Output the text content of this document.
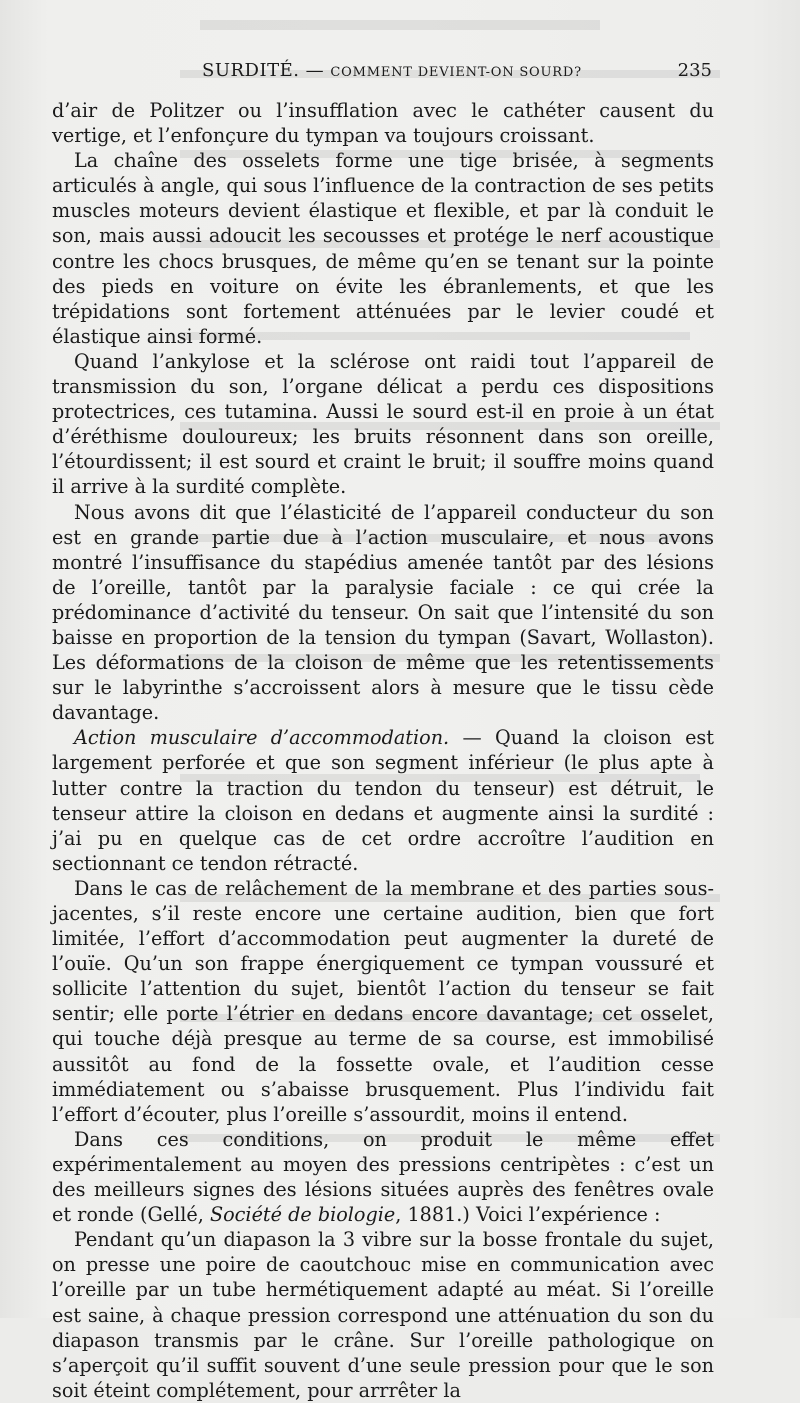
SURDITÉ. — COMMENT DEVIENT-ON SOURD?	235

d’air de Politzer ou l’insufflation avec le cathéter causent du vertige, et l’enfonçure du tympan va toujours croissant.

La chaîne des osselets forme une tige brisée, à segments articulés à angle, qui sous l’influence de la contraction de ses petits muscles moteurs devient élastique et flexible, et par là conduit le son, mais aussi adoucit les secousses et protége le nerf acoustique contre les chocs brusques, de même qu’en se tenant sur la pointe des pieds en voiture on évite les ébranlements, et que les trépidations sont fortement atténuées par le levier coudé et élastique ainsi formé.

Quand l’ankylose et la sclérose ont raidi tout l’appareil de transmission du son, l’organe délicat a perdu ces dispositions protectrices, ces tutamina. Aussi le sourd est-il en proie à un état d’éréthisme douloureux; les bruits résonnent dans son oreille, l’étourdissent; il est sourd et craint le bruit; il souffre moins quand il arrive à la surdité complète.

Nous avons dit que l’élasticité de l’appareil conducteur du son est en grande partie due à l’action musculaire, et nous avons montré l’insuffisance du stapédius amenée tantôt par des lésions de l’oreille, tantôt par la paralysie faciale : ce qui crée la prédominance d’activité du tenseur. On sait que l’intensité du son baisse en proportion de la tension du tympan (Savart, Wollaston). Les déformations de la cloison de même que les retentissements sur le labyrinthe s’accroissent alors à mesure que le tissu cède davantage.

Action musculaire d’accommodation. — Quand la cloison est largement perforée et que son segment inférieur (le plus apte à lutter contre la traction du tendon du tenseur) est détruit, le tenseur attire la cloison en dedans et augmente ainsi la surdité : j’ai pu en quelque cas de cet ordre accroître l’audition en sectionnant ce tendon rétracté.

Dans le cas de relâchement de la membrane et des parties sous-jacentes, s’il reste encore une certaine audition, bien que fort limitée, l’effort d’accommodation peut augmenter la dureté de l’ouïe. Qu’un son frappe énergiquement ce tympan voussuré et sollicite l’attention du sujet, bientôt l’action du tenseur se fait sentir; elle porte l’étrier en dedans encore davantage; cet osselet, qui touche déjà presque au terme de sa course, est immobilisé aussitôt au fond de la fossette ovale, et l’audition cesse immédiatement ou s’abaisse brusquement. Plus l’individu fait l’effort d’écouter, plus l’oreille s’assourdit, moins il entend.

Dans ces conditions, on produit le même effet expérimentalement au moyen des pressions centripètes : c’est un des meilleurs signes des lésions situées auprès des fenêtres ovale et ronde (Gellé, Société de biologie, 1881.) Voici l’expérience :

Pendant qu’un diapason la 3 vibre sur la bosse frontale du sujet, on presse une poire de caoutchouc mise en communication avec l’oreille par un tube hermétiquement adapté au méat. Si l’oreille est saine, à chaque pression correspond une atténuation du son du diapason transmis par le crâne. Sur l’oreille pathologique on s’aperçoit qu’il suffit souvent d’une seule pression pour que le son soit éteint complétement, pour arrrêter la
